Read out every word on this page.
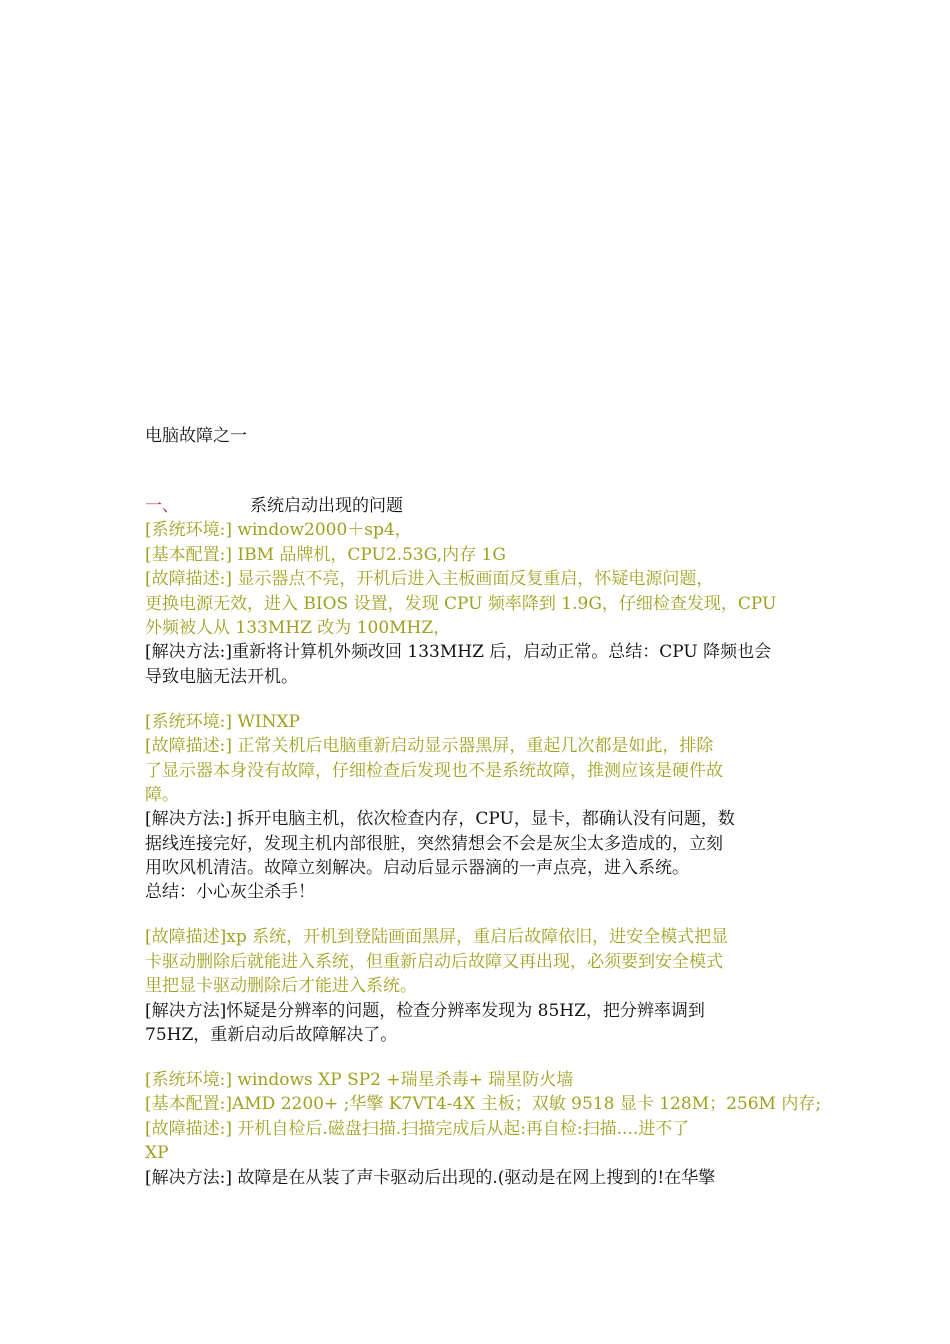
电脑故障之一
一、	系统启动出现的问题
[系统环境:] window2000＋sp4，
[基本配置:] IBM 品牌机，CPU2.53G,内存 1G
[故障描述:] 显示器点不亮，开机后进入主板画面反复重启，怀疑电源问题，
更换电源无效，进入 BIOS 设置，发现 CPU 频率降到 1.9G，仔细检查发现，CPU
外频被人从 133MHZ 改为 100MHZ，
[解决方法:]重新将计算机外频改回 133MHZ 后，启动正常。总结：CPU 降频也会
导致电脑无法开机。
[系统环境:] WINXP
[故障描述:] 正常关机后电脑重新启动显示器黑屏，重起几次都是如此，排除
了显示器本身没有故障，仔细检查后发现也不是系统故障，推测应该是硬件故
障。
[解决方法:] 拆开电脑主机，依次检查内存，CPU，显卡，都确认没有问题，数
据线连接完好，发现主机内部很脏，突然猜想会不会是灰尘太多造成的，立刻
用吹风机清洁。故障立刻解决。启动后显示器滴的一声点亮，进入系统。
总结：小心灰尘杀手！
[故障描述]xp 系统，开机到登陆画面黑屏，重启后故障依旧，进安全模式把显
卡驱动删除后就能进入系统，但重新启动后故障又再出现，必须要到安全模式
里把显卡驱动删除后才能进入系统。
[解决方法]怀疑是分辨率的问题，检查分辨率发现为 85HZ，把分辨率调到
75HZ，重新启动后故障解决了。
[系统环境:] windows XP SP2 +瑞星杀毒+ 瑞星防火墙
[基本配置:]AMD 2200+ ;华擎 K7VT4-4X 主板；双敏 9518 显卡 128M；256M 内存;
[故障描述:] 开机自检后.磁盘扫描.扫描完成后从起:再自检:扫描....进不了
XP
[解决方法:] 故障是在从装了声卡驱动后出现的.(驱动是在网上搜到的!在华擎
